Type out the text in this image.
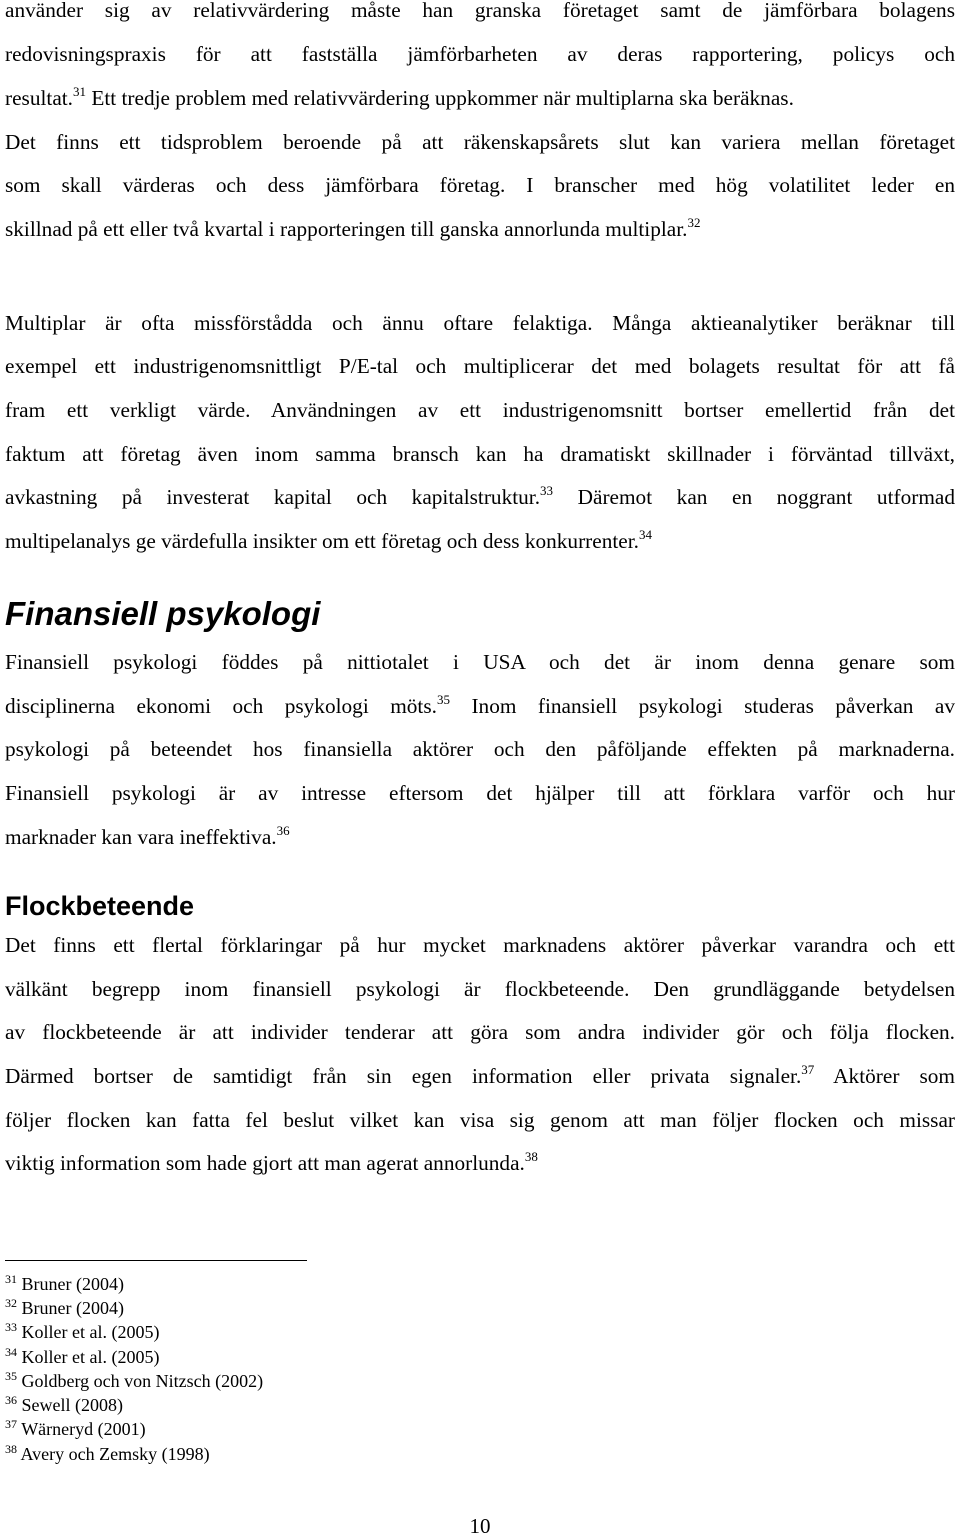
använder sig av relativvärdering måste han granska företaget samt de jämförbara bolagens
redovisningspraxis för att fastställa jämförbarheten av deras rapportering, policys och
resultat.$^{31}$ Ett tredje problem med relativvärdering uppkommer när multiplarna ska beräknas.
Det finns ett tidsproblem beroende på att räkenskapsårets slut kan variera mellan företaget
som skall värderas och dess jämförbara företag. I branscher med hög volatilitet leder en
skillnad på ett eller två kvartal i rapporteringen till ganska annorlunda multiplar.$^{32}$
Multiplar är ofta missförstådda och ännu oftare felaktiga. Många aktieanalytiker beräknar till
exempel ett industrigenomsnittligt P/E-tal och multiplicerar det med bolagets resultat för att få
fram ett verkligt värde. Användningen av ett industrigenomsnitt bortser emellertid från det
faktum att företag även inom samma bransch kan ha dramatiskt skillnader i förväntad tillväxt,
avkastning på investerat kapital och kapitalstruktur.$^{33}$ Däremot kan en noggrant utformad
multipelanalys ge värdefulla insikter om ett företag och dess konkurrenter.$^{34}$
Finansiell psykologi
Finansiell psykologi föddes på nittiotalet i USA och det är inom denna genare som
disciplinerna ekonomi och psykologi möts.$^{35}$ Inom finansiell psykologi studeras påverkan av
psykologi på beteendet hos finansiella aktörer och den påföljande effekten på marknaderna.
Finansiell psykologi är av intresse eftersom det hjälper till att förklara varför och hur
marknader kan vara ineffektiva.$^{36}$
Flockbeteende
Det finns ett flertal förklaringar på hur mycket marknadens aktörer påverkar varandra och ett
välkänt begrepp inom finansiell psykologi är flockbeteende. Den grundläggande betydelsen
av flockbeteende är att individer tenderar att göra som andra individer gör och följa flocken.
Därmed bortser de samtidigt från sin egen information eller privata signaler.$^{37}$ Aktörer som
följer flocken kan fatta fel beslut vilket kan visa sig genom att man följer flocken och missar
viktig information som hade gjort att man agerat annorlunda.$^{38}$
$^{31}$ Bruner (2004)
$^{32}$ Bruner (2004)
$^{33}$ Koller et al. (2005)
$^{34}$ Koller et al. (2005)
$^{35}$ Goldberg och von Nitzsch (2002)
$^{36}$ Sewell (2008)
$^{37}$ Wärneryd (2001)
$^{38}$ Avery och Zemsky (1998)
10
